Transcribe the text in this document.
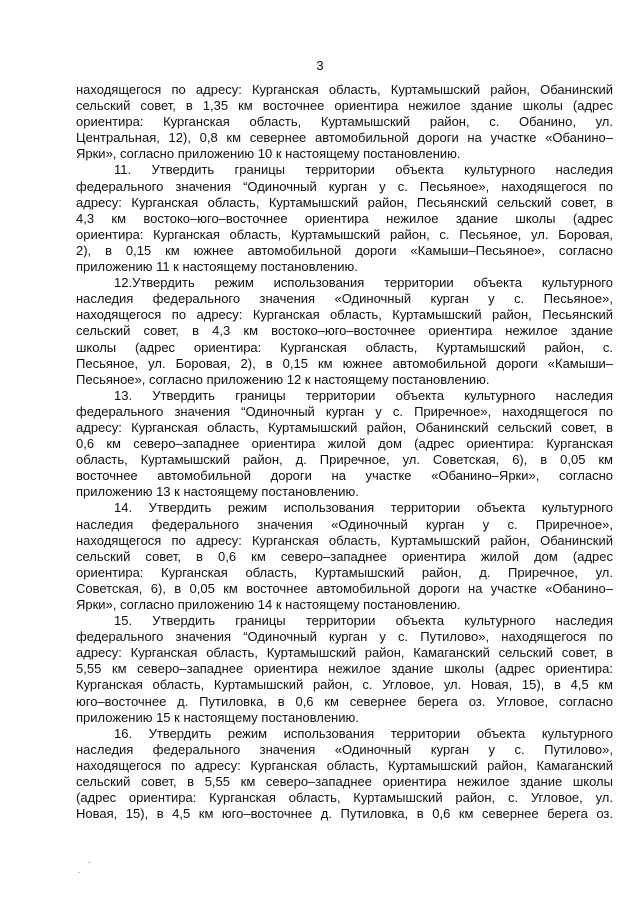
3
находящегося по адресу: Курганская область, Куртамышский район, Обанинский
сельский совет, в 1,35 км восточнее ориентира нежилое здание школы (адрес
ориентира: Курганская область, Куртамышский район, с. Обанино, ул.
Центральная, 12), 0,8 км севернее автомобильной дороги на участке «Обанино–
Ярки», согласно приложению 10 к настоящему постановлению.
11. Утвердить границы территории объекта культурного наследия
федерального значения “Одиночный курган у с. Песьяное», находящегося по
адресу: Курганская область, Куртамышский район, Песьянский сельский совет, в
4,3 км востоко–юго–восточнее ориентира нежилое здание школы (адрес
ориентира: Курганская область, Куртамышский район, с. Песьяное, ул. Боровая,
2), в 0,15 км южнее автомобильной дороги «Камыши–Песьяное», согласно
приложению 11 к настоящему постановлению.
12.Утвердить режим использования территории объекта культурного
наследия федерального значения «Одиночный курган у с. Песьяное»,
находящегося по адресу: Курганская область, Куртамышский район, Песьянский
сельский совет, в 4,3 км востоко–юго–восточнее ориентира нежилое здание
школы (адрес ориентира: Курганская область, Куртамышский район, с.
Песьяное, ул. Боровая, 2), в 0,15 км южнее автомобильной дороги «Камыши–
Песьяное», согласно приложению 12 к настоящему постановлению.
13. Утвердить границы территории объекта культурного наследия
федерального значения “Одиночный курган у с. Приречное», находящегося по
адресу: Курганская область, Куртамышский район, Обанинский сельский совет, в
0,6 км северо–западнее ориентира жилой дом (адрес ориентира: Курганская
область, Куртамышский район, д. Приречное, ул. Советская, 6), в 0,05 км
восточнее автомобильной дороги на участке «Обанино–Ярки», согласно
приложению 13 к настоящему постановлению.
14. Утвердить режим использования территории объекта культурного
наследия федерального значения «Одиночный курган у с. Приречное»,
находящегося по адресу: Курганская область, Куртамышский район, Обанинский
сельский совет, в 0,6 км северо–западнее ориентира жилой дом (адрес
ориентира: Курганская область, Куртамышский район, д. Приречное, ул.
Советская, 6), в 0,05 км восточнее автомобильной дороги на участке «Обанино–
Ярки», согласно приложению 14 к настоящему постановлению.
15. Утвердить границы территории объекта культурного наследия
федерального значения “Одиночный курган у с. Путилово», находящегося по
адресу: Курганская область, Куртамышский район, Камаганский сельский совет, в
5,55 км северо–западнее ориентира нежилое здание школы (адрес ориентира:
Курганская область, Куртамышский район, с. Угловое, ул. Новая, 15), в 4,5 км
юго–восточнее д. Путиловка, в 0,6 км севернее берега оз. Угловое, согласно
приложению 15 к настоящему постановлению.
16. Утвердить режим использования территории объекта культурного
наследия федерального значения «Одиночный курган у с. Путилово»,
находящегося по адресу: Курганская область, Куртамышский район, Камаганский
сельский совет, в 5,55 км северо–западнее ориентира нежилое здание школы
(адрес ориентира: Курганская область, Куртамышский район, с. Угловое, ул.
Новая, 15), в 4,5 км юго–восточнее д. Путиловка, в 0,6 км севернее берега оз.
